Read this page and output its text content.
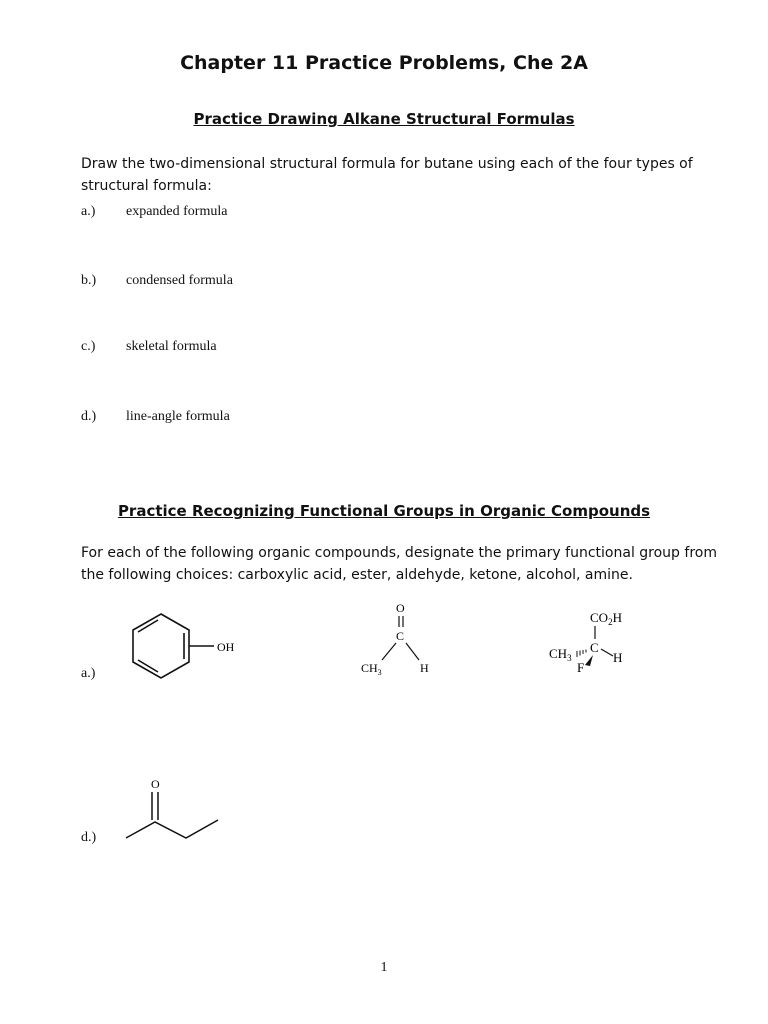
Chapter 11 Practice Problems, Che 2A
Practice Drawing Alkane Structural Formulas
Draw the two-dimensional structural formula for butane using each of the four types of structural formula:
a.) expanded formula
b.) condensed formula
c.) skeletal formula
d.) line-angle formula
Practice Recognizing Functional Groups in Organic Compounds
For each of the following organic compounds, designate the primary functional group from the following choices: carboxylic acid, ester, aldehyde, ketone, alcohol, amine.
a.)
OH
O
C
$CH_3$	H
$CO_2H$
$CH_3$
C
H
F
d.)
O
1
